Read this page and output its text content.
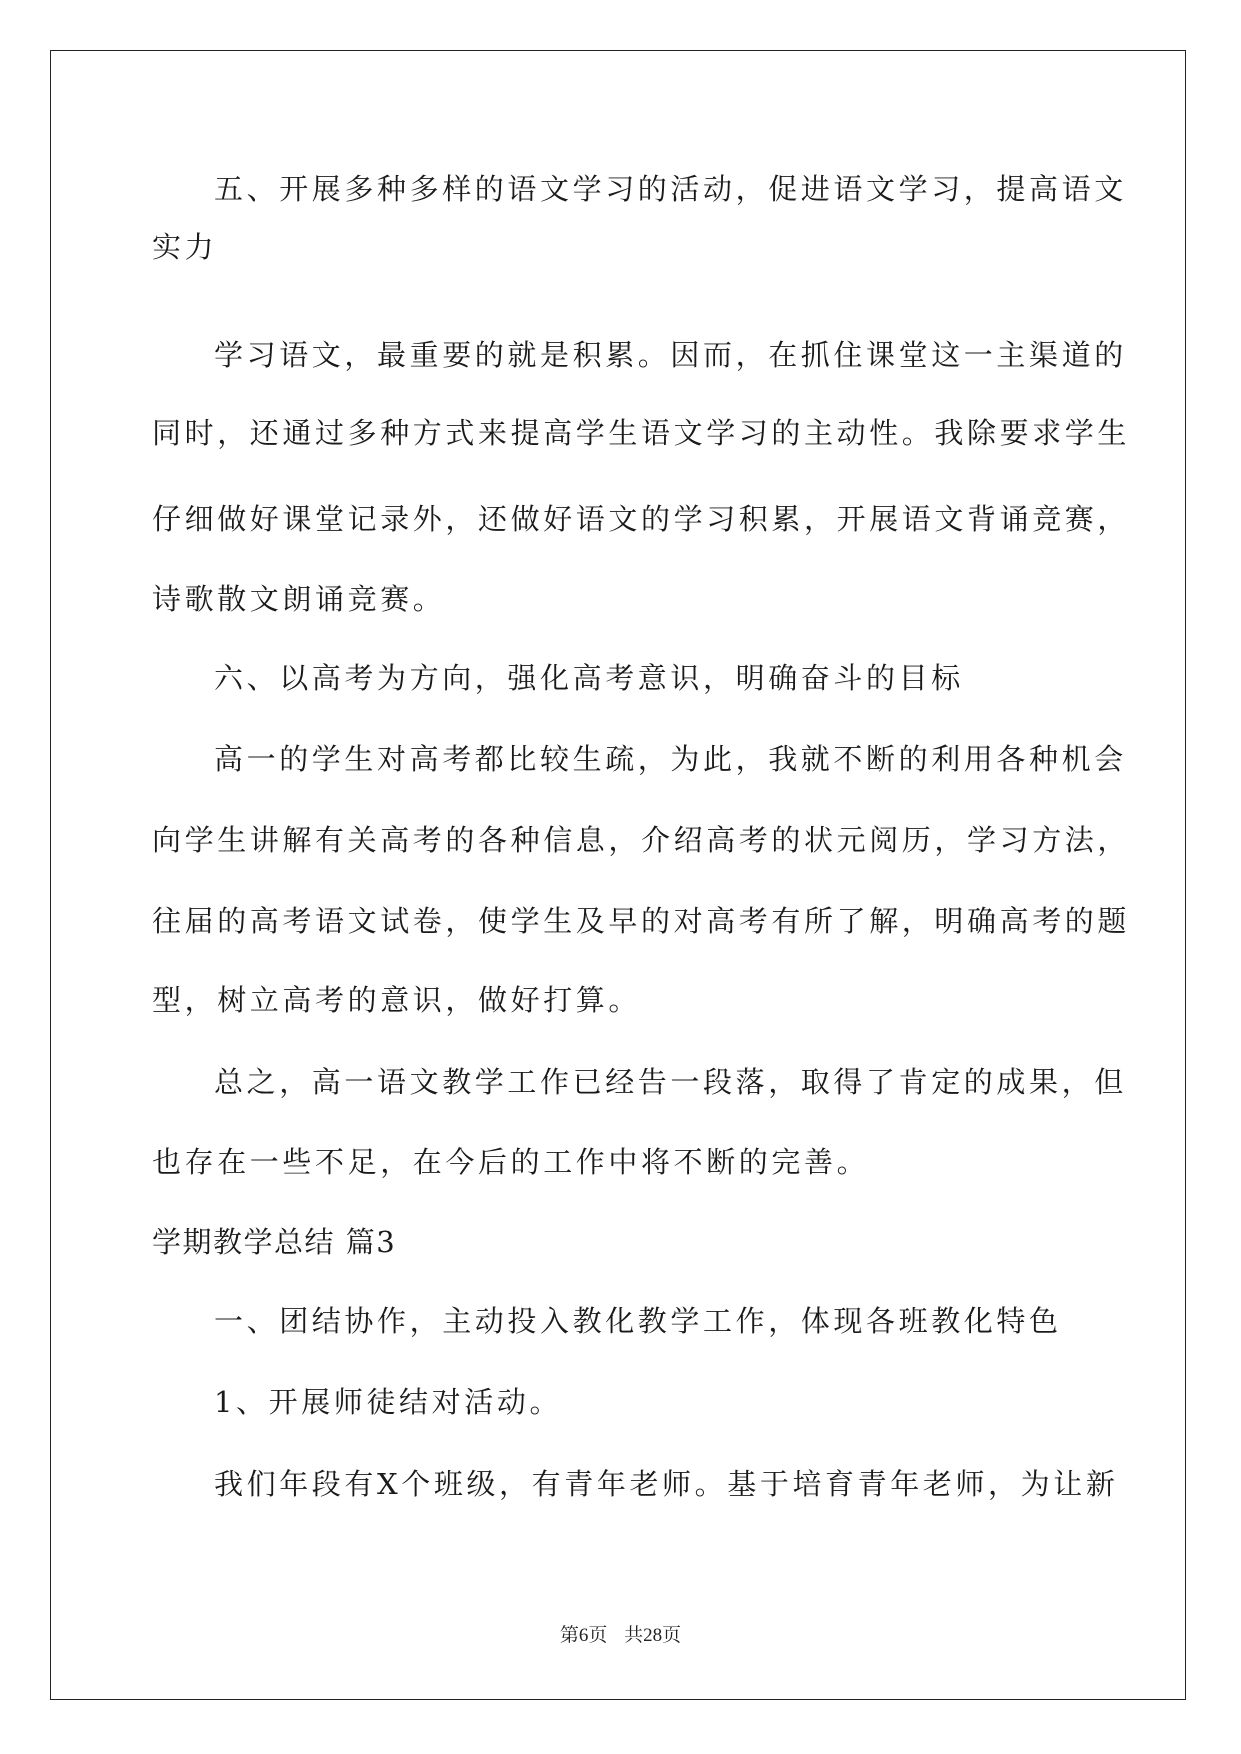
五、开展多种多样的语文学习的活动，促进语文学习，提高语文
实力
学习语文，最重要的就是积累。因而，在抓住课堂这一主渠道的
同时，还通过多种方式来提高学生语文学习的主动性。我除要求学生
仔细做好课堂记录外，还做好语文的学习积累，开展语文背诵竞赛，
诗歌散文朗诵竞赛。
六、以高考为方向，强化高考意识，明确奋斗的目标
高一的学生对高考都比较生疏，为此，我就不断的利用各种机会
向学生讲解有关高考的各种信息，介绍高考的状元阅历，学习方法，
往届的高考语文试卷，使学生及早的对高考有所了解，明确高考的题
型，树立高考的意识，做好打算。
总之，高一语文教学工作已经告一段落，取得了肯定的成果，但
也存在一些不足，在今后的工作中将不断的完善。
学期教学总结 篇3
一、团结协作，主动投入教化教学工作，体现各班教化特色
1、开展师徒结对活动。
我们年段有X个班级，有青年老师。基于培育青年老师，为让新
第6页 共28页
